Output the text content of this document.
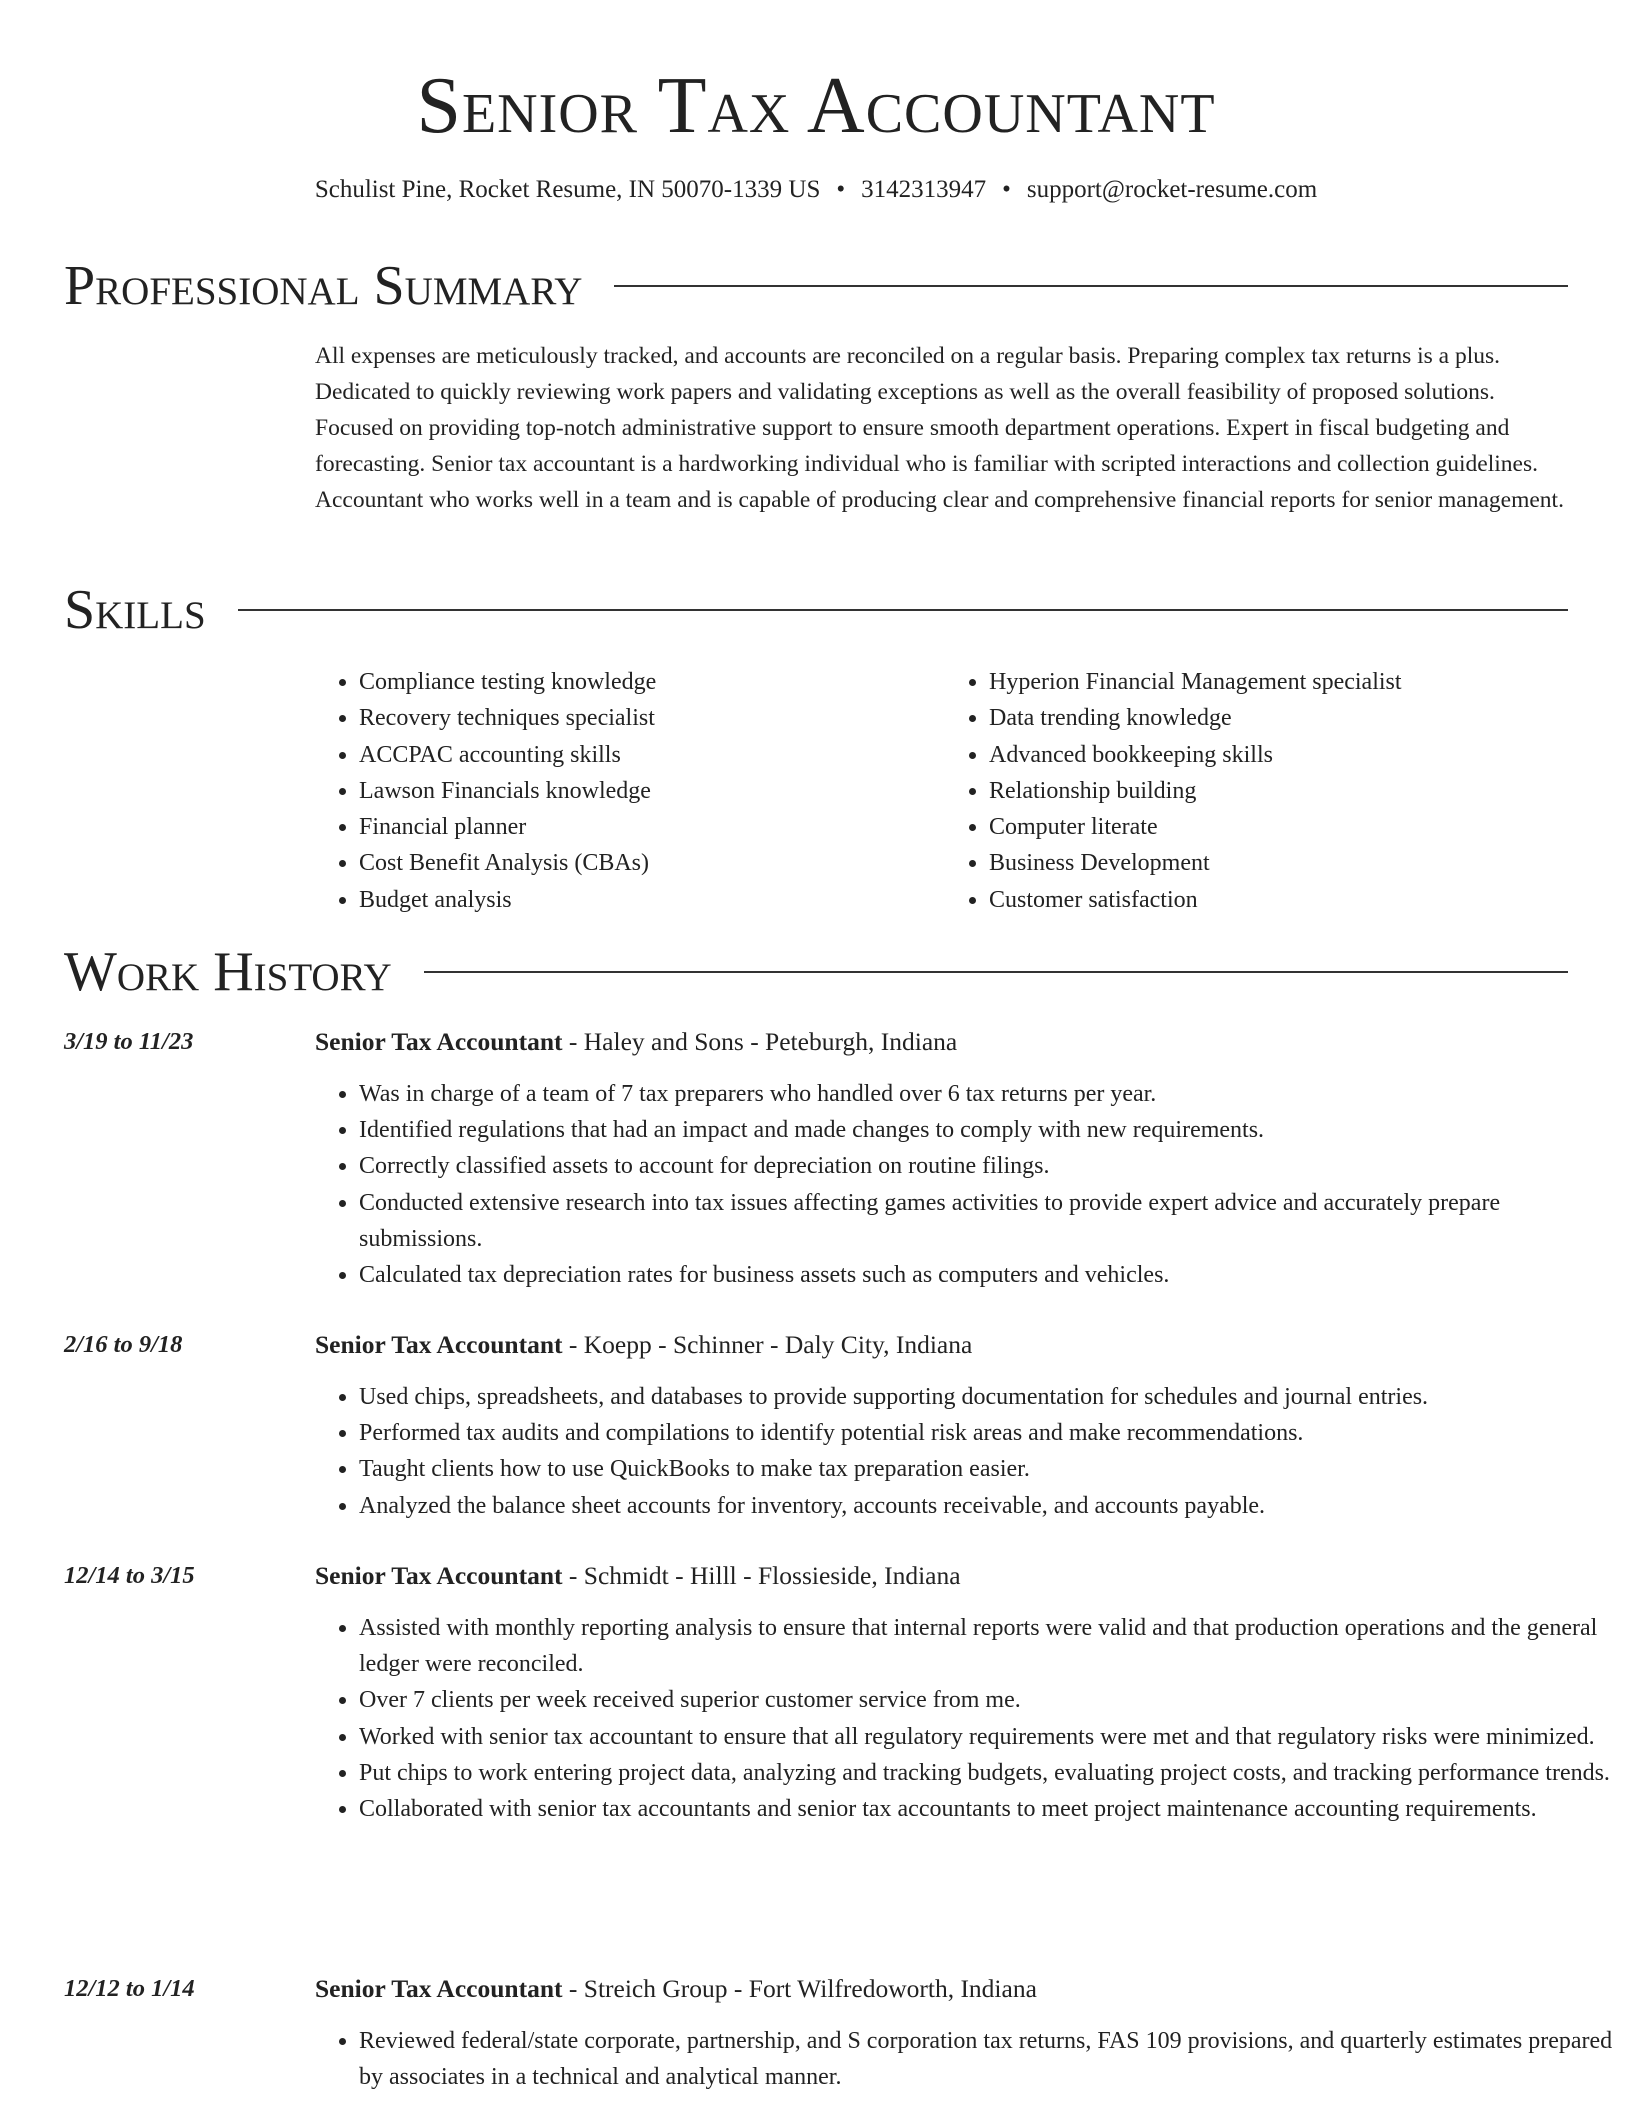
Senior Tax Accountant
Schulist Pine, Rocket Resume, IN 50070-1339 US • 3142313947 • support@rocket-resume.com
Professional Summary
All expenses are meticulously tracked, and accounts are reconciled on a regular basis. Preparing complex tax returns is a plus. Dedicated to quickly reviewing work papers and validating exceptions as well as the overall feasibility of proposed solutions. Focused on providing top-notch administrative support to ensure smooth department operations. Expert in fiscal budgeting and forecasting. Senior tax accountant is a hardworking individual who is familiar with scripted interactions and collection guidelines. Accountant who works well in a team and is capable of producing clear and comprehensive financial reports for senior management.
Skills
• Compliance testing knowledge
• Recovery techniques specialist
• ACCPAC accounting skills
• Lawson Financials knowledge
• Financial planner
• Cost Benefit Analysis (CBAs)
• Budget analysis
• Hyperion Financial Management specialist
• Data trending knowledge
• Advanced bookkeeping skills
• Relationship building
• Computer literate
• Business Development
• Customer satisfaction
Work History
3/19 to 11/23	Senior Tax Accountant - Haley and Sons - Peteburgh, Indiana
• Was in charge of a team of 7 tax preparers who handled over 6 tax returns per year.
• Identified regulations that had an impact and made changes to comply with new requirements.
• Correctly classified assets to account for depreciation on routine filings.
• Conducted extensive research into tax issues affecting games activities to provide expert advice and accurately prepare submissions.
• Calculated tax depreciation rates for business assets such as computers and vehicles.
2/16 to 9/18	Senior Tax Accountant - Koepp - Schinner - Daly City, Indiana
• Used chips, spreadsheets, and databases to provide supporting documentation for schedules and journal entries.
• Performed tax audits and compilations to identify potential risk areas and make recommendations.
• Taught clients how to use QuickBooks to make tax preparation easier.
• Analyzed the balance sheet accounts for inventory, accounts receivable, and accounts payable.
12/14 to 3/15	Senior Tax Accountant - Schmidt - Hilll - Flossieside, Indiana
• Assisted with monthly reporting analysis to ensure that internal reports were valid and that production operations and the general ledger were reconciled.
• Over 7 clients per week received superior customer service from me.
• Worked with senior tax accountant to ensure that all regulatory requirements were met and that regulatory risks were minimized.
• Put chips to work entering project data, analyzing and tracking budgets, evaluating project costs, and tracking performance trends.
• Collaborated with senior tax accountants and senior tax accountants to meet project maintenance accounting requirements.
12/12 to 1/14	Senior Tax Accountant - Streich Group - Fort Wilfredoworth, Indiana
• Reviewed federal/state corporate, partnership, and S corporation tax returns, FAS 109 provisions, and quarterly estimates prepared by associates in a technical and analytical manner.
